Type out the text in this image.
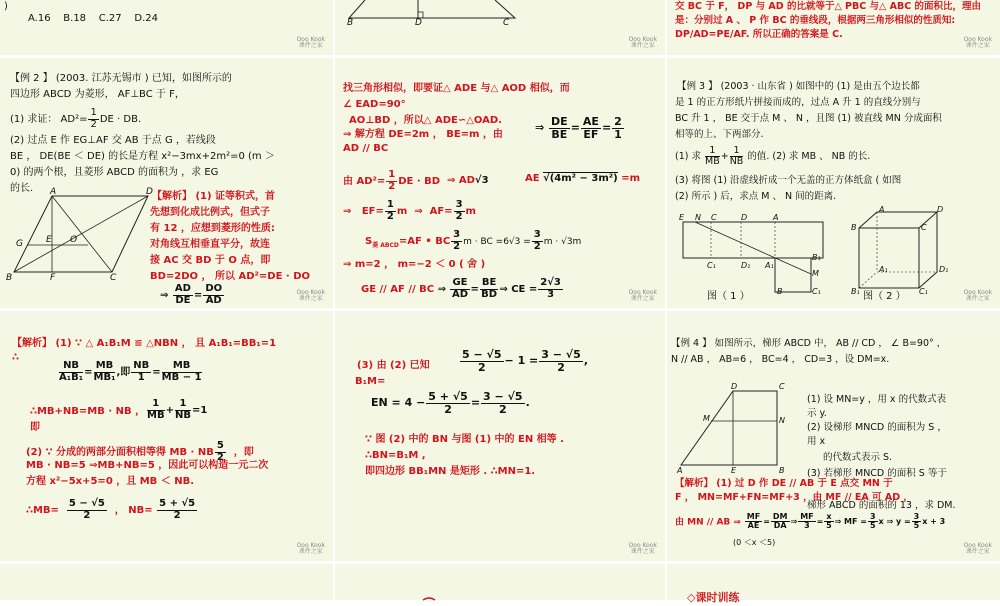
)
A.16    B.18    C.27    D.24
Ooo Kook
课件之家
B	D	C
Ooo Kook
课件之家
交 BC 于 F， DP 与 AD 的比就等于△ PBC 与△ ABC 的面积比，理由
是：分别过 A 、 P 作 BC 的垂线段，根据两三角形相似的性质知:
DP/AD=PE/AF. 所以正确的答案是 C.	Ooo Kook
课件之家
【例 2 】 (2003. 江苏无锡市 ) 已知，如图所示的
四边形 ABCD 为菱形， AF⊥BC 于 F，
(1) 求证： $AD^2= \frac{1}{2}$ DE · DB.
(2) 过点 E 作 EG⊥AF 交 AB 于点 G ，若线段
BE ， DE(BE ＜ DE) 的长是方程 x²−3mx+2m²=0 (m ＞
0) 的两个根，且菱形 ABCD 的面积为 ，求 EG
的长. A	D
G	E O
B	F	C
【解析】 (1) 证等积式，首
先想到化成比例式，但式子
有 12 ，应想到菱形的性质:
对角线互相垂直平分，故连
接 AC 交 BD 于 O 点，即
BD=2DO ， 所以 AD²=DE · DO
⇒ $\frac{AD}{DE} = \frac{DO}{AD}$	Ooo Kook
课件之家
找三角形相似，即要证△ ADE 与△ AOD 相似，而
∠ EAD=90°
AO⊥BD ，所以△ ADE∽△OAD.
⇒ 解方程 DE=2m ， BE=m ，由
AD // BC
⇒ $\frac{DE}{BE} = \frac{AE}{EF} = \frac{2}{1}$
由 $AD^2= \frac{1}{2}$ DE · BD ⇒ AD√3	AE √(4m² − 3m²) =m
⇒ $EF= \frac{1}{2}$ m ⇒ $AF= \frac{3}{2}$ m
$S_{菱 ABCD}=AF$ • BC $\frac{3}{2}$ m · BC $=6√3 = \frac{3}{2}$ m · √3m
⇒ m=2 ， m=−2 ＜ 0 ( 舍 )
GE // AF // BC ⇒ $\frac{GE}{AD} = \frac{BE}{BD}$ ⇒ CE = $\frac{2√3}{3}$	Ooo Kook
课件之家
【例 3 】 (2003 · 山东省 ) 如图中的 (1) 是由五个边长都
是 1 的正方形纸片拼接而成的，过点 A 升 1 的直线分别与
BC 升 1 ， BE 交于点 M 、 N ，且图 (1) 被直线 MN 分成面积
相等的上、下两部分.
(1) 求 $\frac{1}{MB} + \frac{1}{NB}$ 的值. (2) 求 MB 、 NB 的长.
(3) 将图 (1) 沿虚线折成一个无盖的正方体纸盒 ( 如图
(2) 所示 ) 后，求点 M 、 N 间的距离.
E N C	D	A
B₁
M
C₁	D₁ A₁
B	C₁
A	D
B	C
A₁	D₁
B₁	C₁
图（ 1 ）	图（ 2 ）	Ooo Kook
课件之家
【解析】 (1) ∵ △ A₁B₁M ≌ △NBN ， 且 A₁B₁=BB₁=1
∴
$\frac{NB}{\text{A₁B₁}} = \frac{MB}{\text{MB₁}}$ ,即 $\frac{NB}{1} = \frac{MB}{MB - 1}$
∴MB+NB=MB · NB ，
即
$\frac{1}{MB} + \frac{1}{NB} =1$
(2) ∵ 分成的两部分面积相等得 MB · NB $\frac{5}{2}$ ，即
MB · NB=5 ⇒MB+NB=5 ，因此可以构造一元二次
方程 x²−5x+5=0 ，且 MB ＜ NB.
∴MB= $\frac{5 - √5}{2}$ ， $NB= \frac{5 + √5}{2}$
Ooo Kook
课件之家
(3) 由 (2) 已知
B₁M=
$\frac{5 - √5}{2} - 1 = \frac{3 - √5}{2}$ ,
EN = $4 - \frac{5 + √5}{2} = \frac{3 - √5}{2}$ .
∵ 图 (2) 中的 BN 与图 (1) 中的 EN 相等 .
∴BN=B₁M ,
即四边形 BB₁MN 是矩形 . ∴MN=1.
Ooo Kook
课件之家
【例 4 】 如图所示，梯形 ABCD 中， AB // CD ， ∠ B=90° ，
N // AB ， AB=6 ， BC=4 ， CD=3 ，设 DM=x.
D	C
M	N
A	E	B
(1) 设 MN=y ，用 x 的代数式表
示 y.
(2) 设梯形 MNCD 的面积为 S ，
用 x
的代数式表示 S.
(3) 若梯形 MNCD 的面积 S 等于
【解析】 (1) 过 D 作 DE // AB 于 E 点交 MN 于
F ， MN=MF+FN=MF+3 ，由 MF // EA 可 AD ，
梯形 ABCD 的面积的 13 ，求 DM.
由 MN // AB ⇒ $\frac{MF}{AE} = \frac{DM}{DA}$ ⇒ $\frac{MF}{3} = \frac{x}{5}$ ⇒ MF = $\frac{3}{5}$ x ⇒ $y = \frac{3}{5}$ x + 3
(0 ＜x ＜5)	Ooo Kook
课件之家
◇课时训练
